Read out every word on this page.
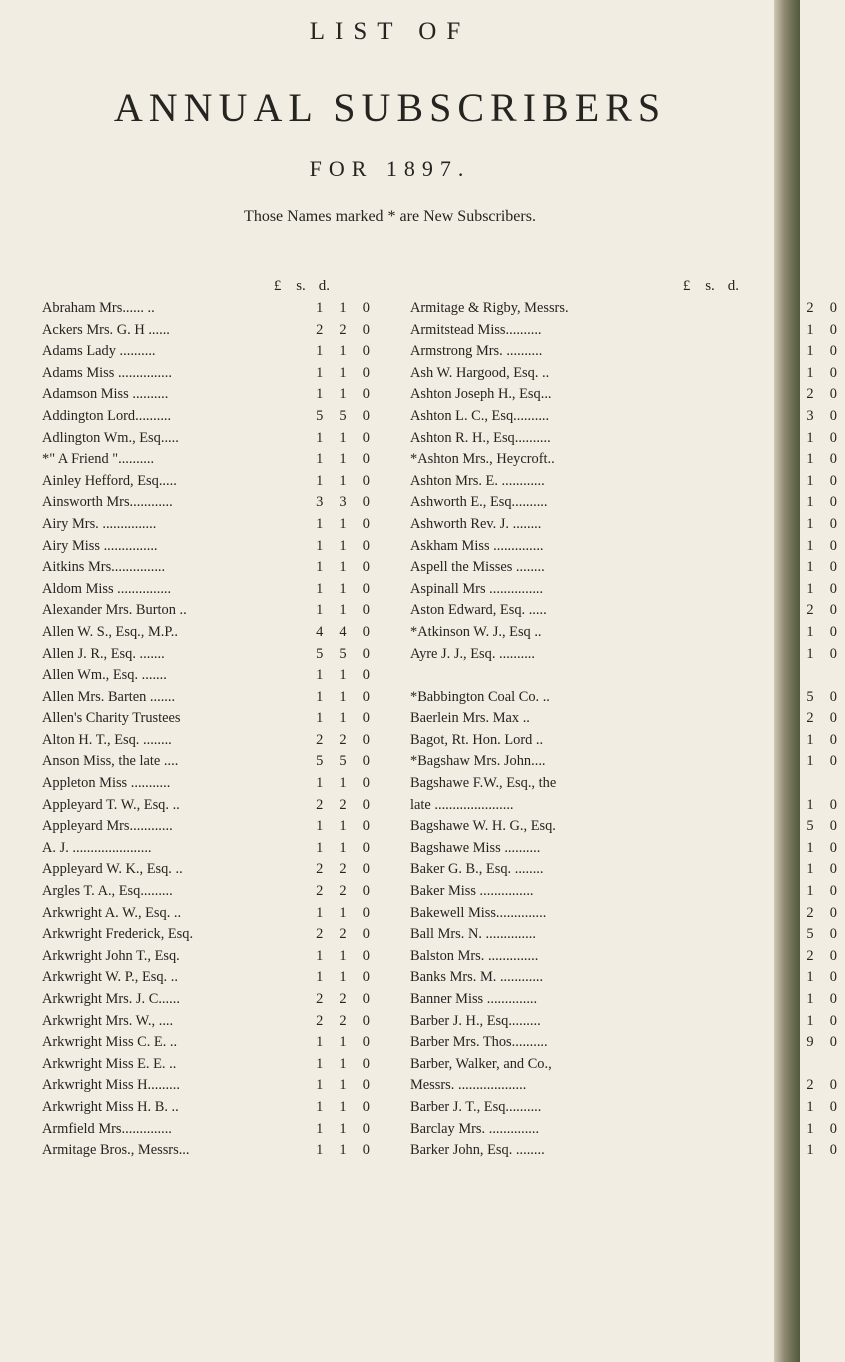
LIST OF
ANNUAL SUBSCRIBERS
FOR 1897.
Those Names marked * are New Subscribers.
£ s. d.	£ s. d.
Abraham Mrs...... ..	1	1	0
Ackers Mrs. G. H ......	2	2	0
Adams Lady ..........	1	1	0
Adams Miss ...............	1	1	0
Adamson Miss ..........	1	1	0
Addington Lord..........	5	5	0
Adlington Wm., Esq.....	1	1	0
*" A Friend "..........	1	1	0
Ainley Hefford, Esq.....	1	1	0
Ainsworth Mrs............	3	3	0
Airy Mrs. ...............	1	1	0
Airy Miss ...............	1	1	0
Aitkins Mrs...............	1	1	0
Aldom Miss ...............	1	1	0
Alexander Mrs. Burton ..	1	1	0
Allen W. S., Esq., M.P..	4	4	0
Allen J. R., Esq. .......	5	5	0
Allen Wm., Esq. .......	1	1	0
Allen Mrs. Barten .......	1	1	0
Allen's Charity Trustees	1	1	0
Alton H. T., Esq. ........	2	2	0
Anson Miss, the late ....	5	5	0
Appleton Miss ...........	1	1	0
Appleyard T. W., Esq. ..	2	2	0
Appleyard Mrs............	1	1	0
A. J. ......................	1	1	0
Appleyard W. K., Esq. ..	2	2	0
Argles T. A., Esq.........	2	2	0
Arkwright A. W., Esq. ..	1	1	0
Arkwright Frederick, Esq.	2	2	0
Arkwright John T., Esq.	1	1	0
Arkwright W. P., Esq. ..	1	1	0
Arkwright Mrs. J. C......	2	2	0
Arkwright Mrs. W., ....	2	2	0
Arkwright Miss C. E. ..	1	1	0
Arkwright Miss E. E. ..	1	1	0
Arkwright Miss H.........	1	1	0
Arkwright Miss H. B. ..	1	1	0
Armfield Mrs..............	1	1	0
Armitage Bros., Messrs...	1	1	0
Armitage & Rigby, Messrs.	2	0
Armitstead Miss..........	1	0
Armstrong Mrs. ..........	1	0
Ash W. Hargood, Esq. ..	1	0
Ashton Joseph H., Esq...	2	0
Ashton L. C., Esq..........	3	0
Ashton R. H., Esq..........	1	0
*Ashton Mrs., Heycroft..	1	0
Ashton Mrs. E. ............	1	0
Ashworth E., Esq..........	1	0
Ashworth Rev. J. ........	1	0
Askham Miss ..............	1	0
Aspell the Misses ........	1	0
Aspinall Mrs ...............	1	0
Aston Edward, Esq. .....	2	0
*Atkinson W. J., Esq ..	1	0
Ayre J. J., Esq. ..........	1	0
*Babbington Coal Co. ..	5	0
Baerlein Mrs. Max ..	2	0
Bagot, Rt. Hon. Lord ..	1	0
*Bagshaw Mrs. John....	1	0
Bagshawe F.W., Esq., the
late ......................	1	0
Bagshawe W. H. G., Esq.	5	0
Bagshawe Miss ..........	1	0
Baker G. B., Esq. ........	1	0
Baker Miss ...............	1	0
Bakewell Miss..............	2	0
Ball Mrs. N. ..............	5	0
Balston Mrs. ..............	2	0
Banks Mrs. M. ............	1	0
Banner Miss ..............	1	0
Barber J. H., Esq.........	1	0
Barber Mrs. Thos..........	9	0
Barber, Walker, and Co.,
Messrs. ...................	2	0
Barber J. T., Esq..........	1	0
Barclay Mrs. ..............	1	0
Barker John, Esq. ........	1	0
